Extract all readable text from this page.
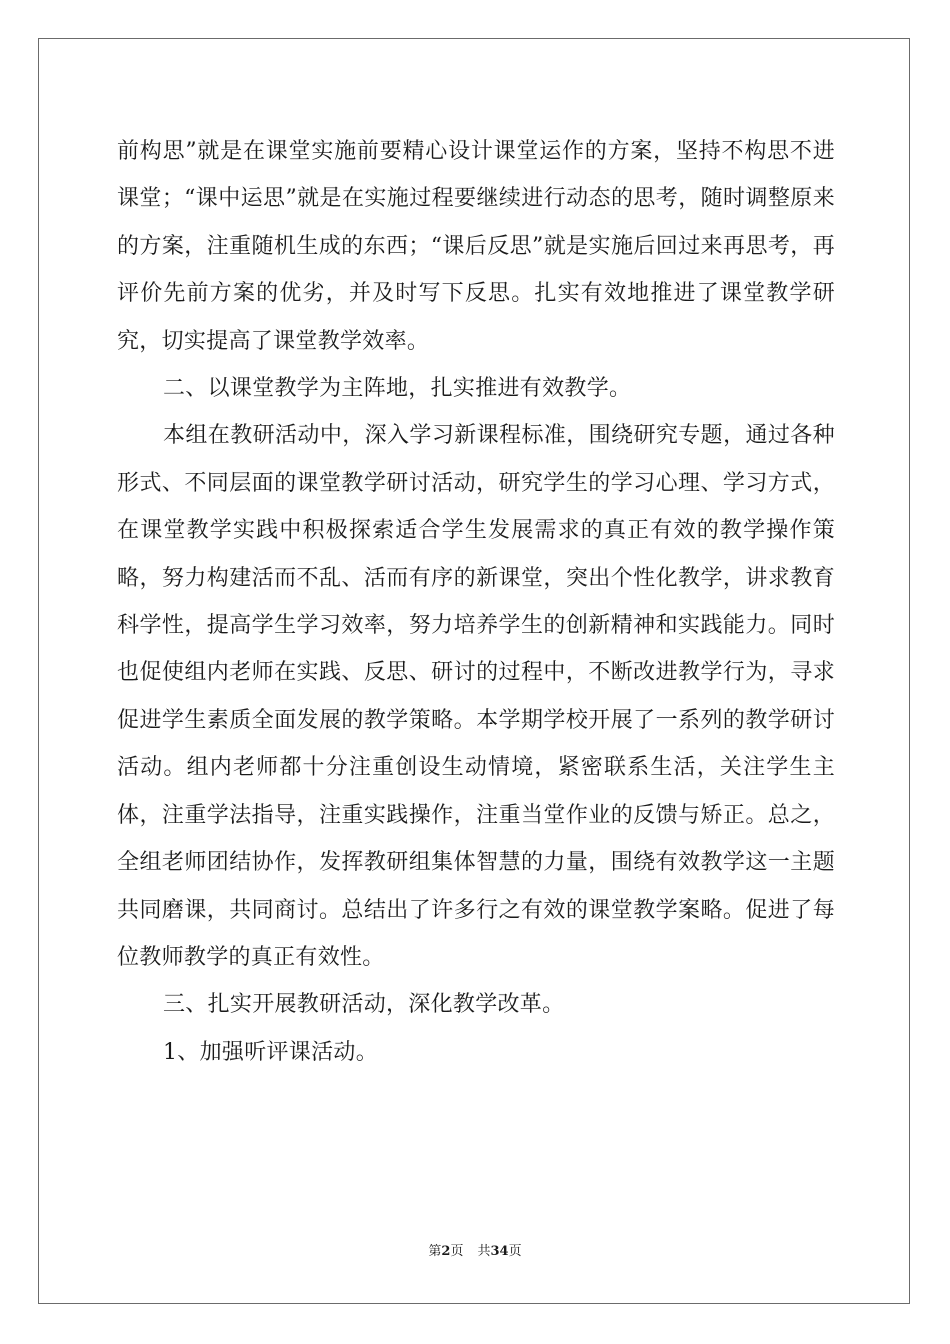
前构思”就是在课堂实施前要精心设计课堂运作的方案，坚持不构思不进课堂；“课中运思”就是在实施过程要继续进行动态的思考，随时调整原来的方案，注重随机生成的东西；“课后反思”就是实施后回过来再思考，再评价先前方案的优劣，并及时写下反思。扎实有效地推进了课堂教学研究，切实提高了课堂教学效率。

二、以课堂教学为主阵地，扎实推进有效教学。

本组在教研活动中，深入学习新课程标准，围绕研究专题，通过各种形式、不同层面的课堂教学研讨活动，研究学生的学习心理、学习方式，在课堂教学实践中积极探索适合学生发展需求的真正有效的教学操作策略，努力构建活而不乱、活而有序的新课堂，突出个性化教学，讲求教育科学性，提高学生学习效率，努力培养学生的创新精神和实践能力。同时也促使组内老师在实践、反思、研讨的过程中，不断改进教学行为，寻求促进学生素质全面发展的教学策略。本学期学校开展了一系列的教学研讨活动。组内老师都十分注重创设生动情境，紧密联系生活，关注学生主体，注重学法指导，注重实践操作，注重当堂作业的反馈与矫正。总之，全组老师团结协作，发挥教研组集体智慧的力量，围绕有效教学这一主题共同磨课，共同商讨。总结出了许多行之有效的课堂教学案略。促进了每位教师教学的真正有效性。

三、扎实开展教研活动，深化教学改革。

1、加强听评课活动。

第2页 共34页
